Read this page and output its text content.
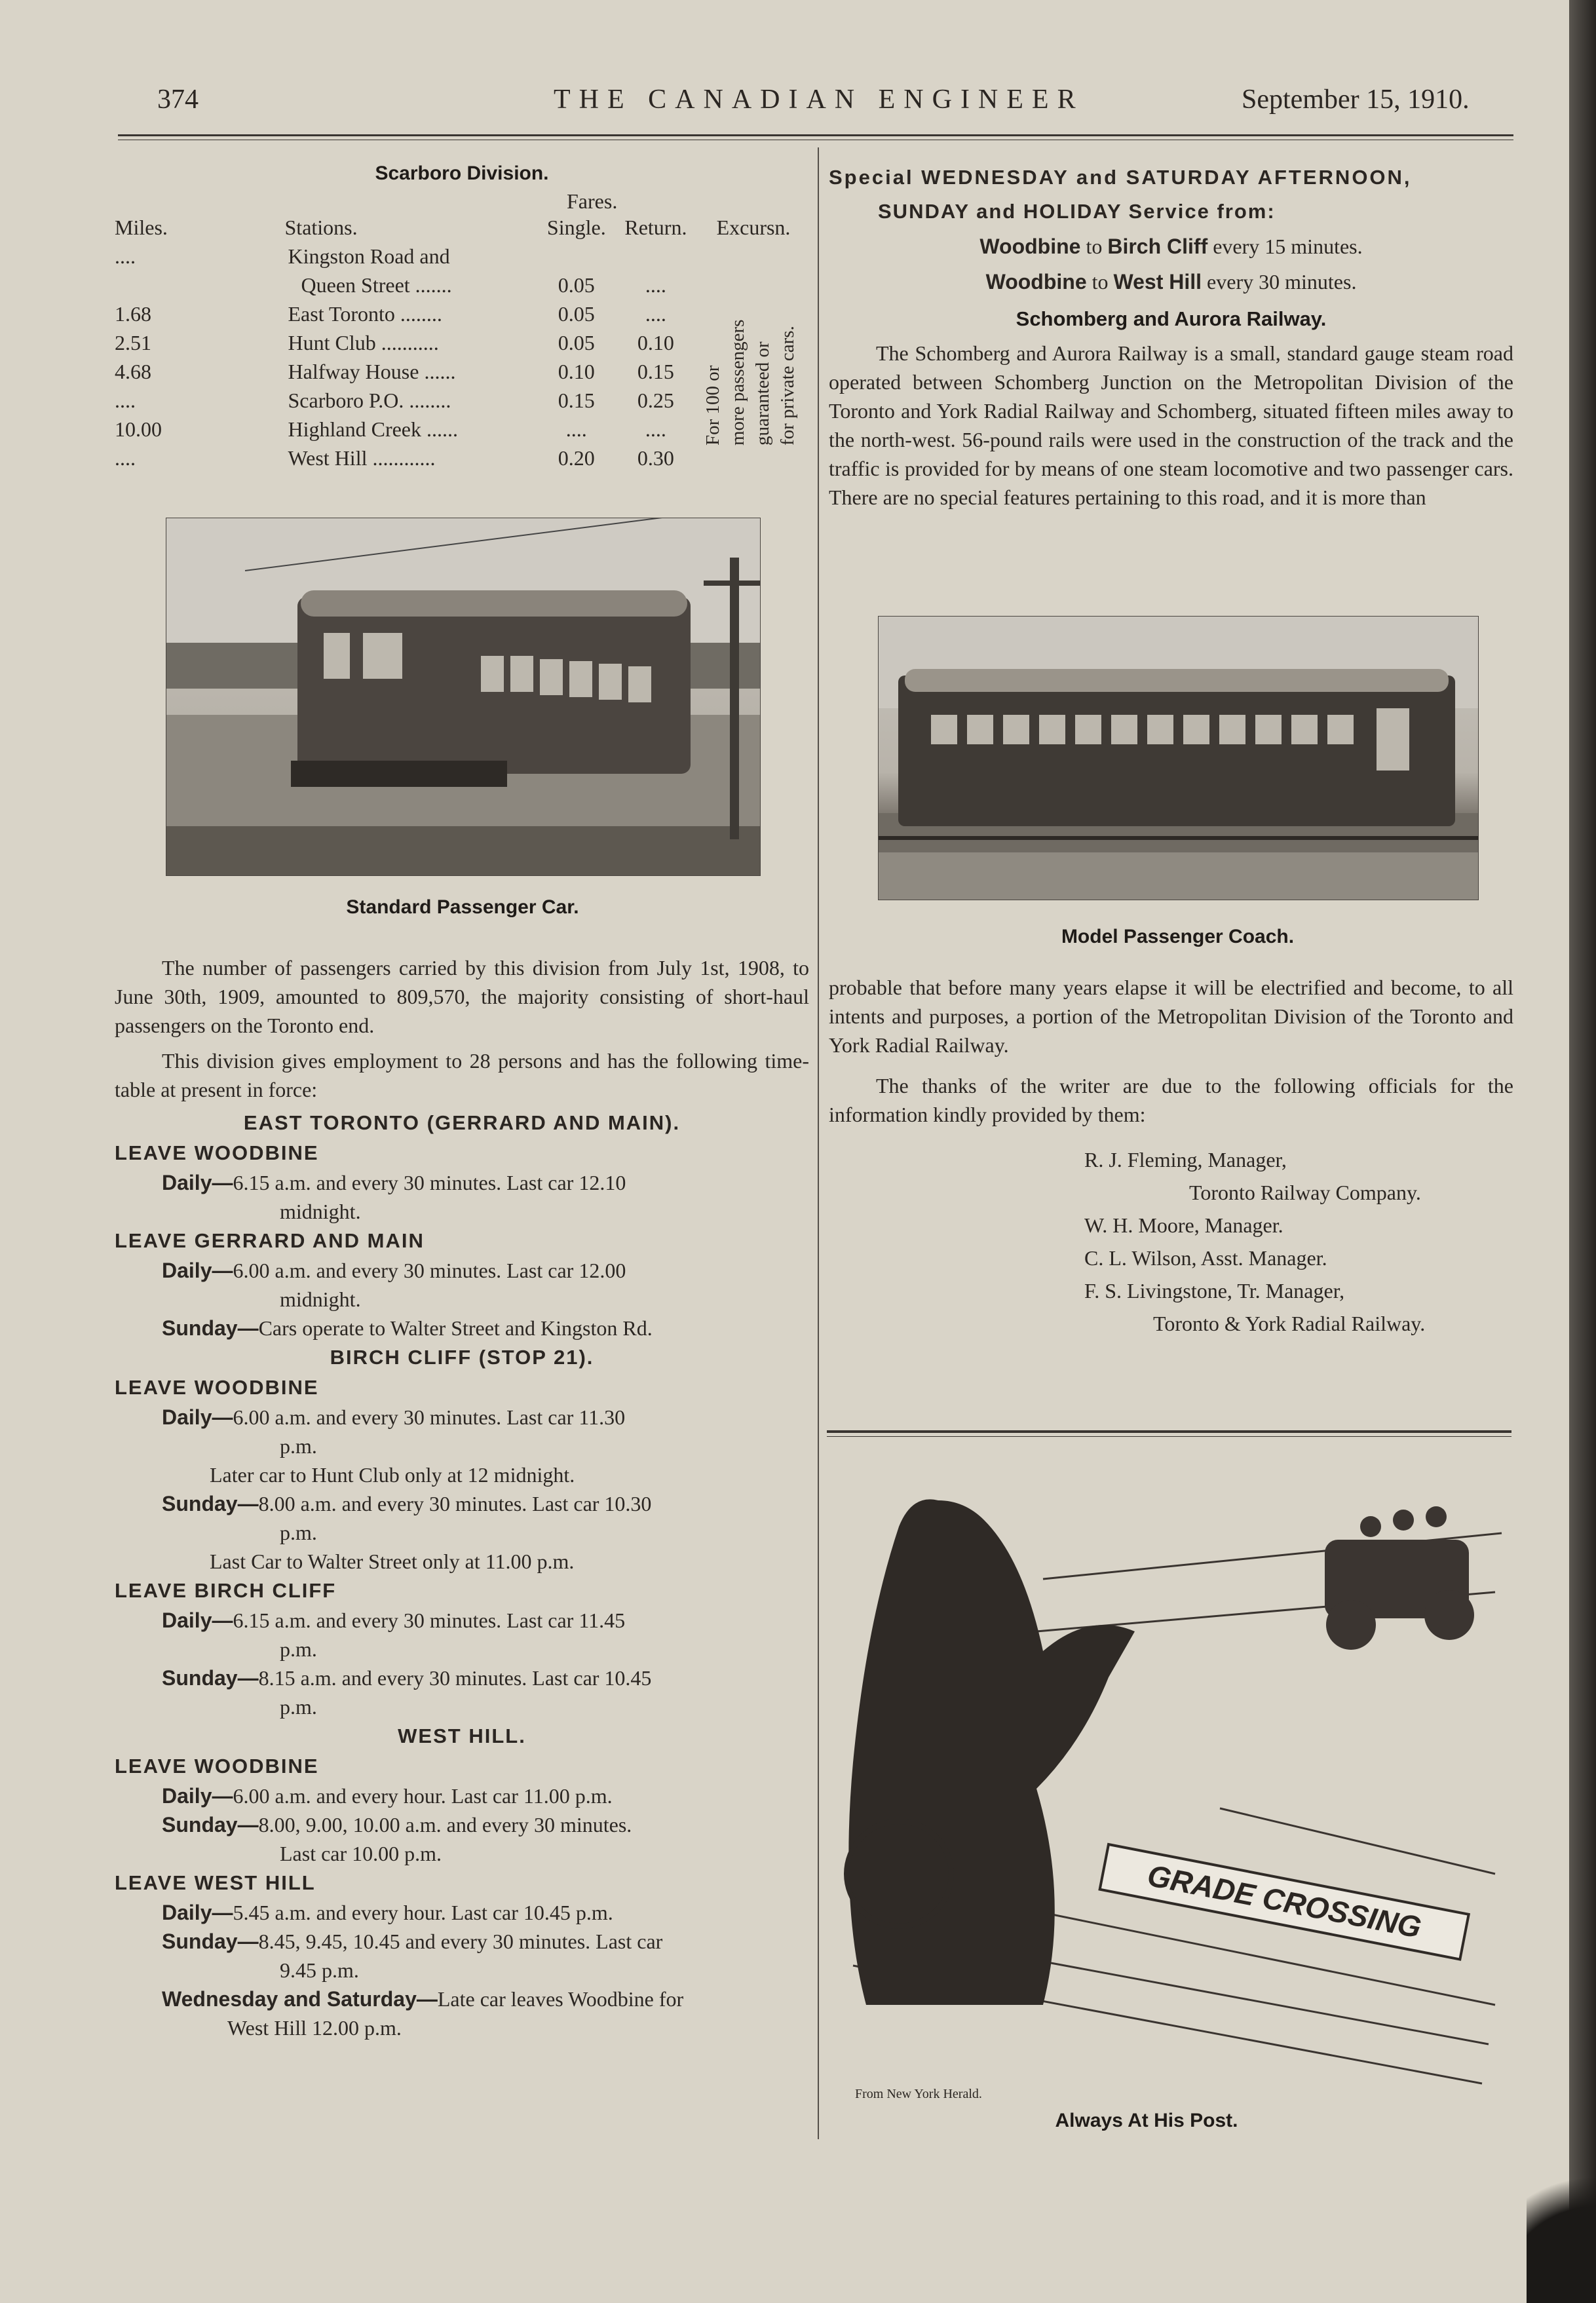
374	THE CANADIAN ENGINEER	September 15, 1910.
Scarboro Division.
Fares.
Miles.	Stations.	Single.	Return.	Excursn.
....	Kingston Road and			For 100 or more passengers guaranteed or for private cars.

	Queen Street .......	0.05	....	
1.68	East Toronto ........	0.05	....	
2.51	Hunt Club ...........	0.05	0.10	
4.68	Halfway House ......	0.10	0.15	
....	Scarboro P.O. ........	0.15	0.25	
10.00	Highland Creek ......	....	....	
....	West Hill ............	0.20	0.30	
Standard Passenger Car.

The number of passengers carried by this division from July 1st, 1908, to June 30th, 1909, amounted to 809,570, the majority consisting of short-haul passengers on the Toronto end.

This division gives employment to 28 persons and has the following time-table at present in force:

EAST TORONTO (GERRARD AND MAIN).
LEAVE WOODBINE
Daily—6.15 a.m. and every 30 minutes. Last car 12.10
midnight.
LEAVE GERRARD AND MAIN
Daily—6.00 a.m. and every 30 minutes. Last car 12.00
midnight.
Sunday—Cars operate to Walter Street and Kingston Rd.
BIRCH CLIFF (STOP 21).
LEAVE WOODBINE
Daily—6.00 a.m. and every 30 minutes. Last car 11.30
p.m.
Later car to Hunt Club only at 12 midnight.
Sunday—8.00 a.m. and every 30 minutes. Last car 10.30
p.m.
Last Car to Walter Street only at 11.00 p.m.
LEAVE BIRCH CLIFF
Daily—6.15 a.m. and every 30 minutes. Last car 11.45
p.m.
Sunday—8.15 a.m. and every 30 minutes. Last car 10.45
p.m.
WEST HILL.
LEAVE WOODBINE
Daily—6.00 a.m. and every hour. Last car 11.00 p.m.
Sunday—8.00, 9.00, 10.00 a.m. and every 30 minutes.
Last car 10.00 p.m.
LEAVE WEST HILL
Daily—5.45 a.m. and every hour. Last car 10.45 p.m.
Sunday—8.45, 9.45, 10.45 and every 30 minutes. Last car
9.45 p.m.
Wednesday and Saturday—Late car leaves Woodbine for
West Hill 12.00 p.m.
Special WEDNESDAY and SATURDAY AFTERNOON,
SUNDAY and HOLIDAY Service from:
Woodbine to Birch Cliff every 15 minutes.
Woodbine to West Hill every 30 minutes.
Schomberg and Aurora Railway.

The Schomberg and Aurora Railway is a small, standard gauge steam road operated between Schomberg Junction on the Metropolitan Division of the Toronto and York Radial Railway and Schomberg, situated fifteen miles away to the north-west. 56-pound rails were used in the construction of the track and the traffic is provided for by means of one steam locomotive and two passenger cars. There are no special features pertaining to this road, and it is more than

Model Passenger Coach.

probable that before many years elapse it will be electrified and become, to all intents and purposes, a portion of the Metropolitan Division of the Toronto and York Radial Railway.

The thanks of the writer are due to the following officials for the information kindly provided by them:

R. J. Fleming, Manager,
Toronto Railway Company.
W. H. Moore, Manager.
C. L. Wilson, Asst. Manager.
F. S. Livingstone, Tr. Manager,
Toronto & York Radial Railway.
GRADE CROSSING
From New York Herald.
Always At His Post.
